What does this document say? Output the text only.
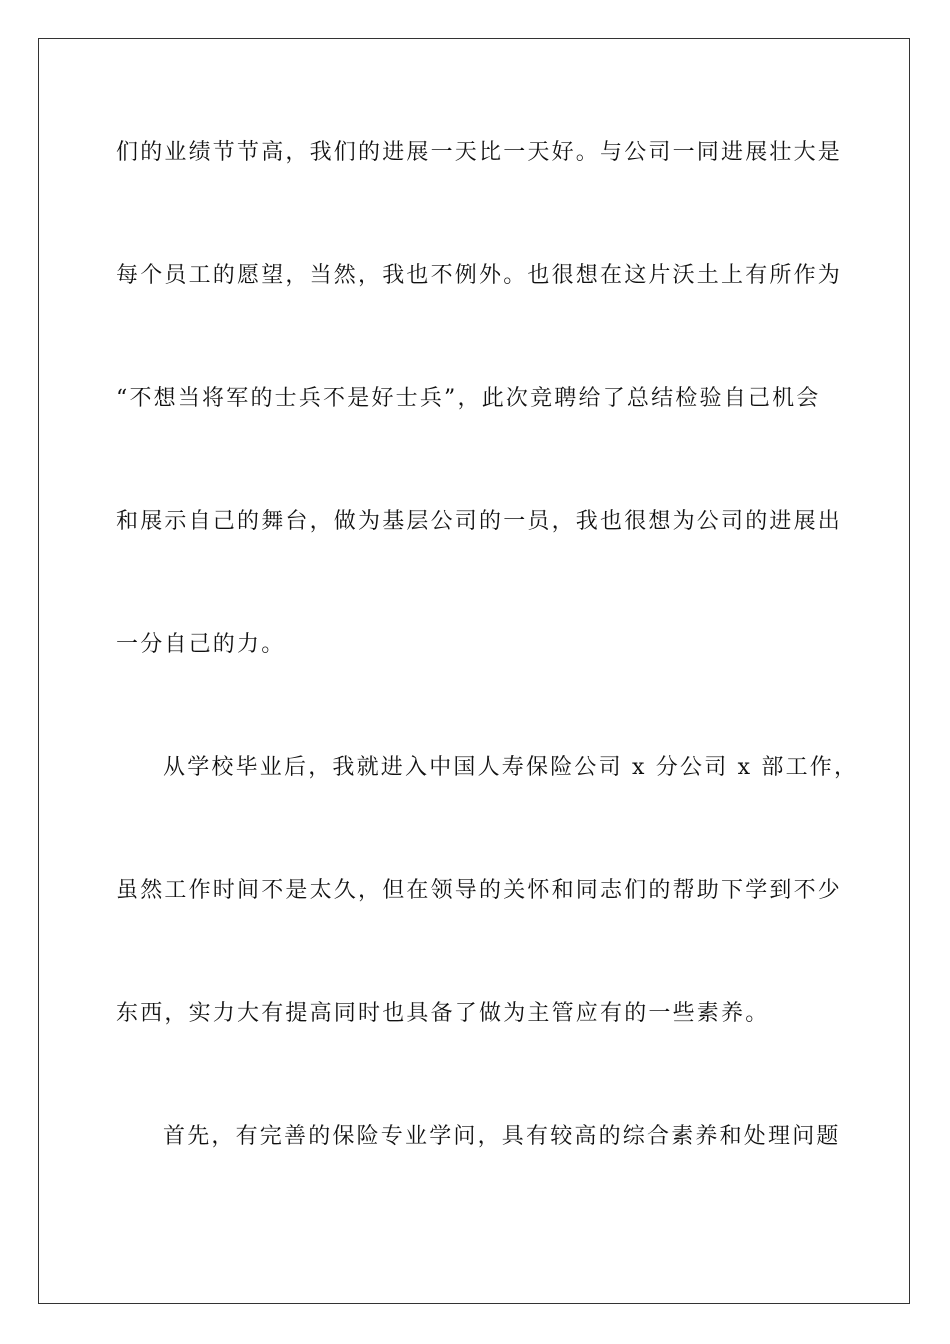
们的业绩节节高，我们的进展一天比一天好。与公司一同进展壮大是
每个员工的愿望，当然，我也不例外。也很想在这片沃土上有所作为
“不想当将军的士兵不是好士兵”，此次竞聘给了总结检验自己机会
和展示自己的舞台，做为基层公司的一员，我也很想为公司的进展出
一分自己的力。
从学校毕业后，我就进入中国人寿保险公司 x 分公司 x 部工作，
虽然工作时间不是太久，但在领导的关怀和同志们的帮助下学到不少
东西，实力大有提高同时也具备了做为主管应有的一些素养。
首先，有完善的保险专业学问，具有较高的综合素养和处理问题
